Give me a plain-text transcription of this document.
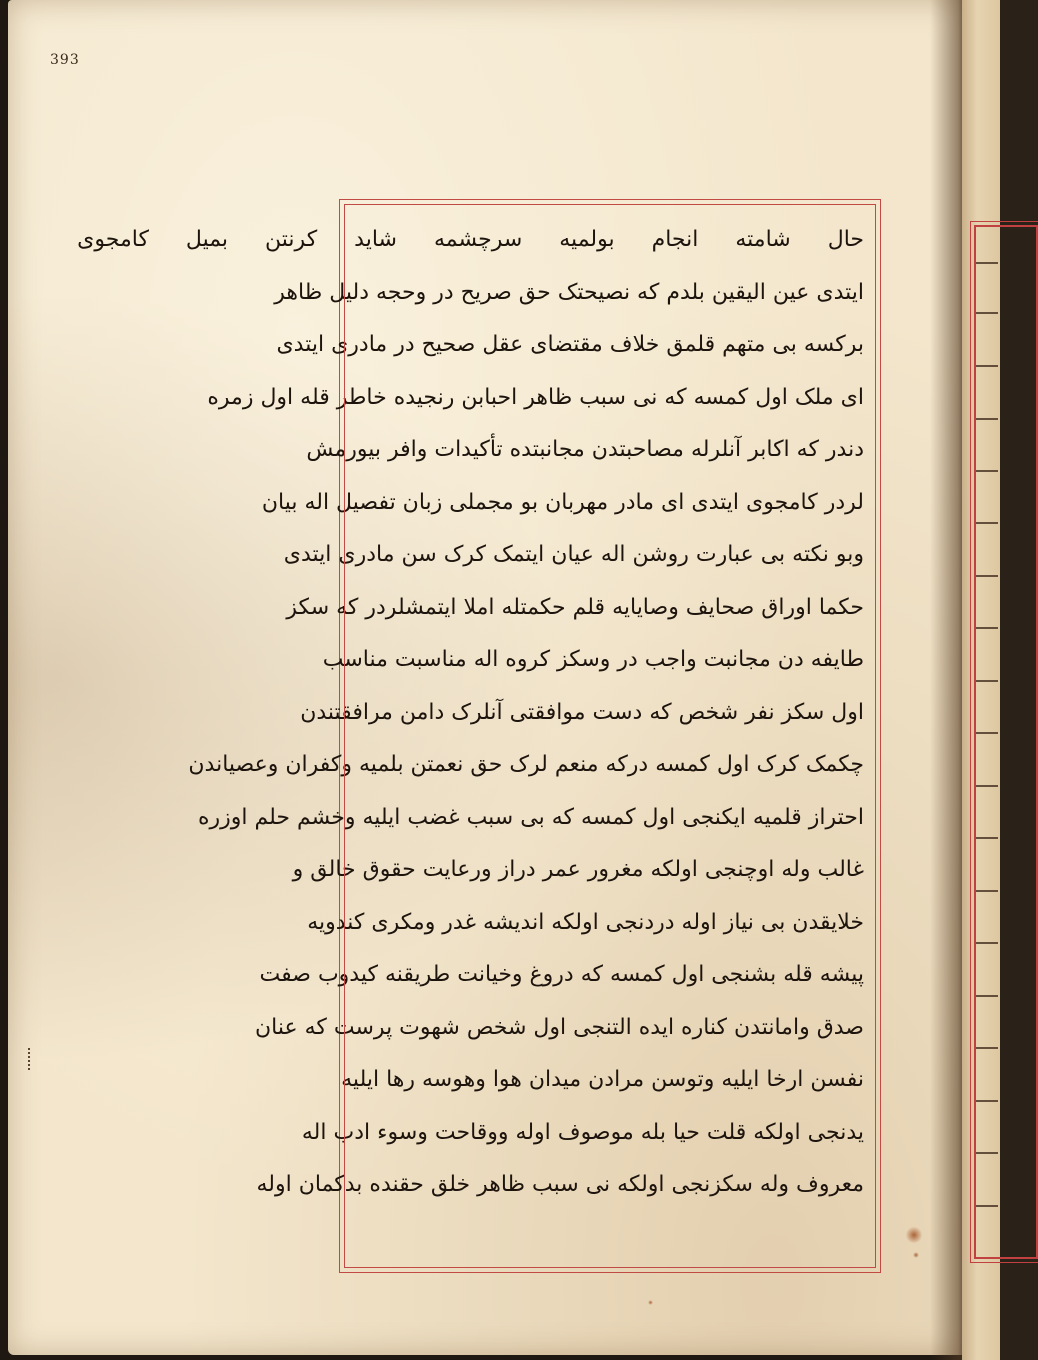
393
حال شامته انجام بولمیه سرچشمه شاید کرنتن بمیل کامجوی
ایتدی عین الیقین بلدم که نصیحتک حق صریح در وحجه دلیل ظاهر
برکسه بی متهم قلمق خلاف مقتضای عقل صحیح در مادری ایتدی
ای ملک اول کمسه که نی سبب ظاهر احبابن رنجیده خاطر قله اول زمره
دندر که اکابر آنلرله مصاحبتدن مجانبتده تأکیدات وافر بیورمش
لردر کامجوی ایتدی ای مادر مهربان بو مجملی زبان تفصیل اله بیان
وبو نکته بی عبارت روشن اله عیان ایتمک کرک سن مادری ایتدی
حکما اوراق صحایف وصایایه قلم حکمتله املا ایتمشلردر که سکز
طایفه دن مجانبت واجب در وسکز کروه اله مناسبت مناسب
اول سکز نفر شخص که دست موافقتی آنلرک دامن مرافقتندن
چکمک کرک اول کمسه درکه منعم لرک حق نعمتن بلمیه وکفران وعصیاندن
احتراز قلمیه ایکنجی اول کمسه که بی سبب غضب ایلیه وخشم حلم اوزره
غالب وله اوچنجی اولکه مغرور عمر دراز ورعایت حقوق خالق و
خلایقدن بی نیاز اوله دردنجی اولکه اندیشه غدر ومکری کندویه
پیشه قله بشنجی اول کمسه که دروغ وخیانت طریقنه کیدوب صفت
صدق وامانتدن کناره ایده التنجی اول شخص شهوت پرست که عنان
نفسن ارخا ایلیه وتوسن مرادن میدان هوا وهوسه رها ایلیه
یدنجی اولکه قلت حیا بله موصوف اوله ووقاحت وسوء ادب اله
معروف وله سکزنجی اولکه نی سبب ظاهر خلق حقنده بدکمان اوله
